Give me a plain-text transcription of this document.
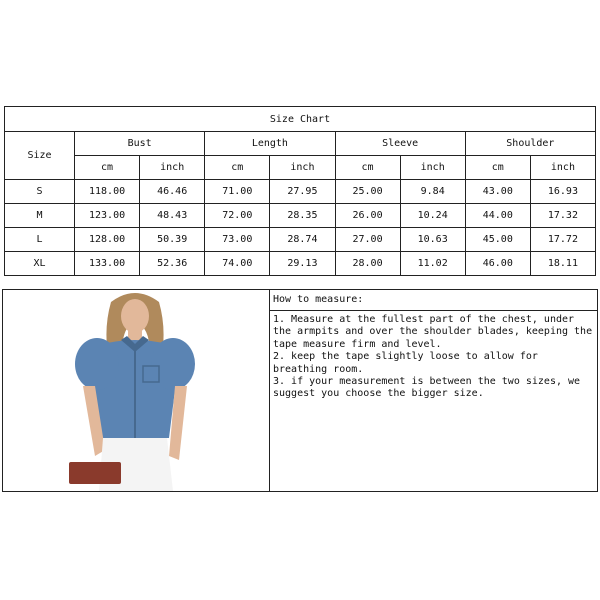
Size Chart								
Size	Bust		Length		Sleeve		Shoulder	
	cm	inch	cm	inch	cm	inch	cm	inch
S	118.00	46.46	71.00	27.95	25.00	9.84	43.00	16.93
M	123.00	48.43	72.00	28.35	26.00	10.24	44.00	17.32
L	128.00	50.39	73.00	28.74	27.00	10.63	45.00	17.72
XL	133.00	52.36	74.00	29.13	28.00	11.02	46.00	18.11
How to measure:
1. Measure at the fullest part of the chest, under
the armpits and over the shoulder blades, keeping the
tape measure firm and level.
2. keep the tape slightly loose to allow for
breathing room.
3. if your measurement is between the two sizes, we
suggest you choose the bigger size.
